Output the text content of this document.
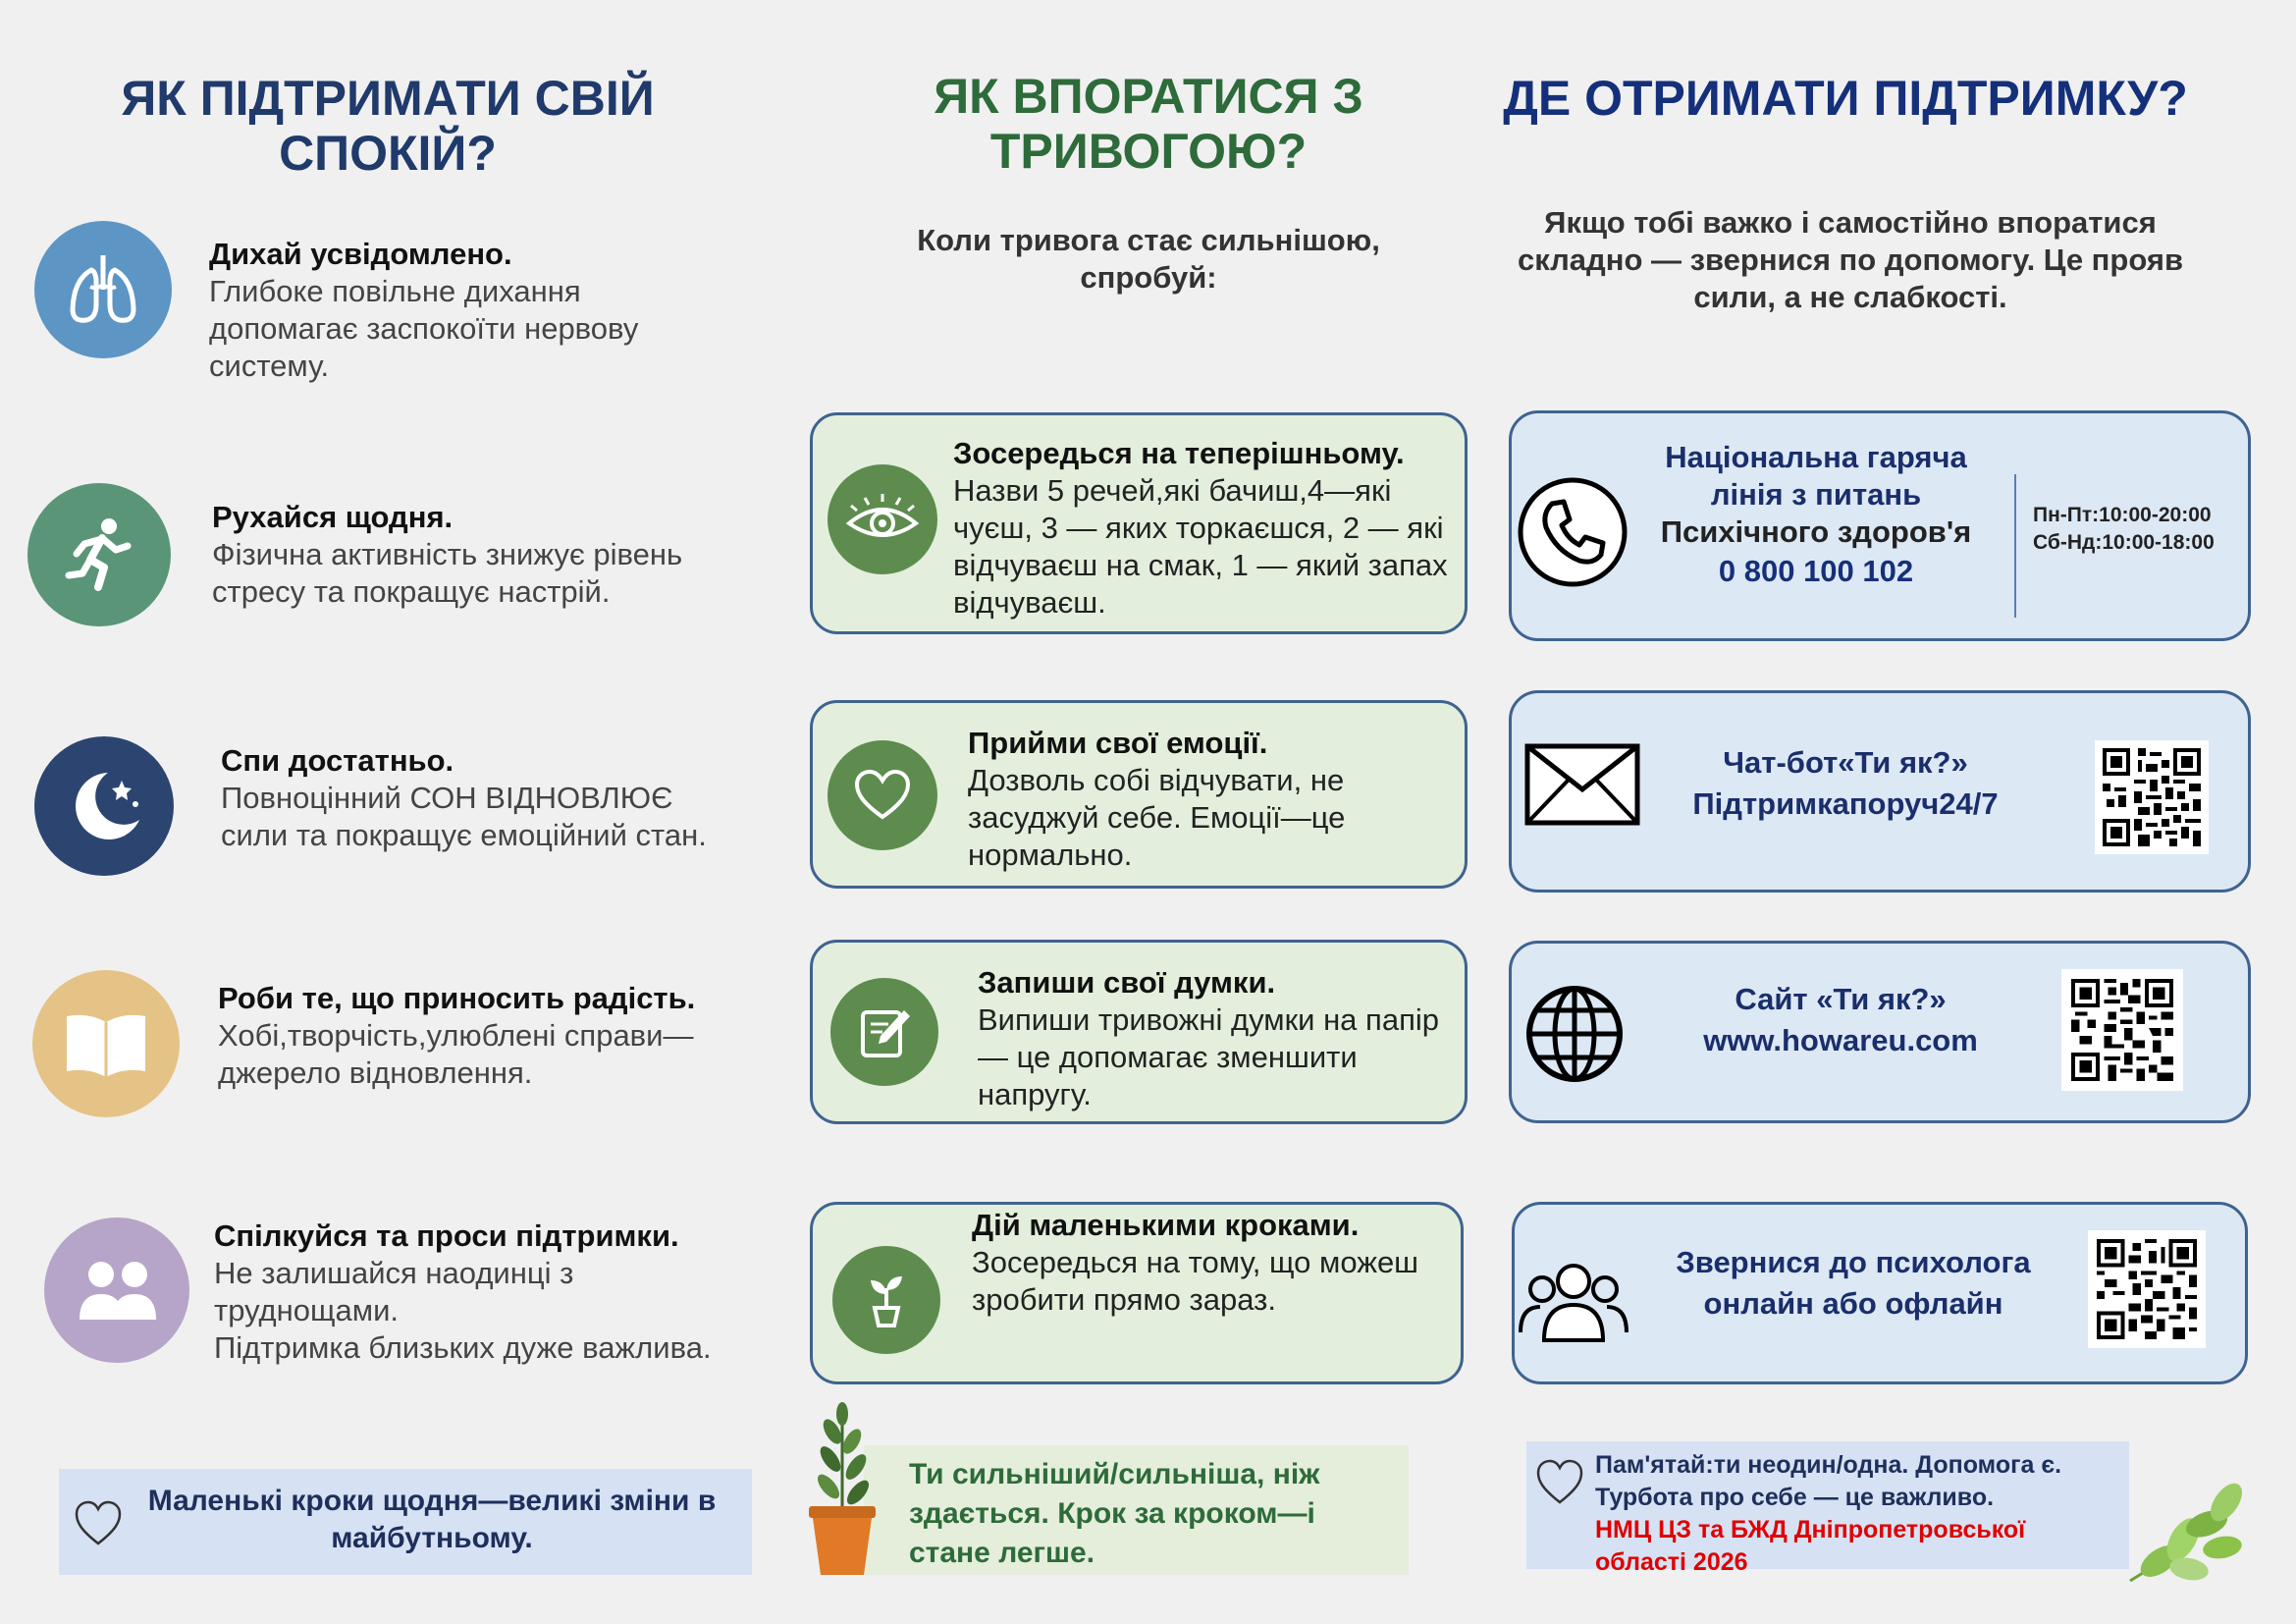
ЯК ПІДТРИМАТИ СВІЙ СПОКІЙ?
Дихай усвідомлено.
Глибоке повільне дихання допомагає заспокоїти нервову систему.
Рухайся щодня.
Фізична активність знижує рівень стресу та покращує настрій.
Спи достатньо.
Повноцінний СОН ВІДНОВЛЮЄ сили та покращує емоційний стан.
Роби те, що приносить радість.
Хобі,творчість,улюблені справи—джерело відновлення.
Спілкуйся та проси підтримки.
Не залишайся наодинці з труднощами.
Підтримка близьких дуже важлива.
Маленькі кроки щодня—великі зміни в майбутньому.
ЯК ВПОРАТИСЯ З ТРИВОГОЮ?
Коли тривога стає сильнішою, спробуй:
Зосередься на теперішньому.
Назви 5 речей,які бачиш,4—які чуєш, 3 — яких торкаєшся, 2 — які відчуваєш на смак, 1 — який запах відчуваєш.
Прийми свої емоції.
Дозволь собі відчувати, не засуджуй себе. Емоції—це нормально.
Запиши свої думки.
Випиши тривожні думки на папір — це допомагає зменшити напругу.
Дій маленькими кроками.
Зосередься на тому, що можеш зробити прямо зараз.
Ти сильніший/сильніша, ніж здається. Крок за кроком—і стане легше.
ДЕ ОТРИМАТИ ПІДТРИМКУ?
Якщо тобі важко і самостійно впоратися складно — звернися по допомогу. Це прояв сили, а не слабкості.
Національна гаряча
лінія з питань
Психічного здоров'я
0 800 100 102
Пн-Пт:10:00-20:00
Сб-Нд:10:00-18:00
Чат-бот«Ти як?»
Підтримкапоруч24/7
Сайт «Ти як?»
www.howareu.com
Звернися до психолога
онлайн або офлайн
Пам'ятай:ти неодин/одна. Допомога є.
Турбота про себе — це важливо.
НМЦ ЦЗ та БЖД Дніпропетровської
області 2026
